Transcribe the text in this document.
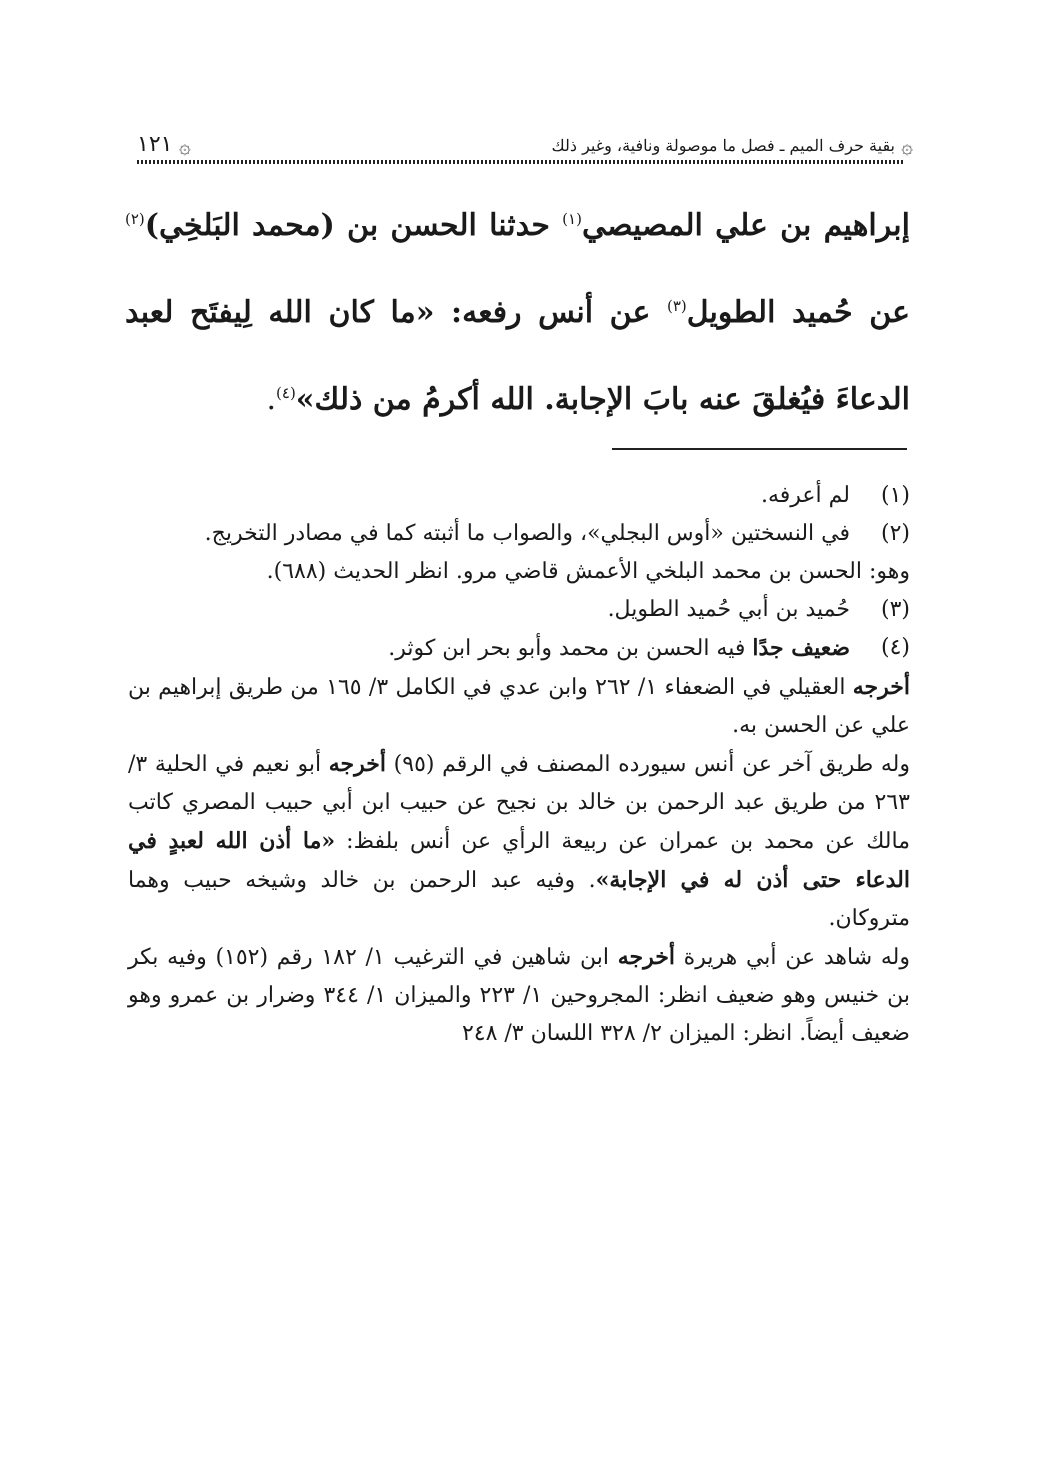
١٢١ ۞	بقية حرف الميم ـ فصل ما موصولة ونافية، وغير ذلك ۞
إبراهيم بن علي المصيصي$^{(١)}$ حدثنا الحسن بن (محمد البَلخِي)$^{(٢)}$ عن حُميد الطويل$^{(٣)}$ عن أنس رفعه: «ما كان الله لِيفتَح لعبد الدعاءَ فيُغلقَ عنه بابَ الإجابة. الله أكرمُ من ذلك»$^{(٤)}$.
(١)
لم أعرفه.
(٢)
في النسختين «أوس البجلي»، والصواب ما أثبته كما في مصادر التخريج.
وهو: الحسن بن محمد البلخي الأعمش قاضي مرو. انظر الحديث (٦٨٨).
(٣)
حُميد بن أبي حُميد الطويل.
(٤)
ضعيف جدًا فيه الحسن بن محمد وأبو بحر ابن كوثر.
أخرجه العقيلي في الضعفاء ١/ ٢٦٢ وابن عدي في الكامل ٣/ ١٦٥ من طريق إبراهيم بن علي عن الحسن به.
وله طريق آخر عن أنس سيورده المصنف في الرقم (٩٥) أخرجه أبو نعيم في الحلية ٣/ ٢٦٣ من طريق عبد الرحمن بن خالد بن نجيح عن حبيب ابن أبي حبيب المصري كاتب مالك عن محمد بن عمران عن ربيعة الرأي عن أنس بلفظ: «ما أذن الله لعبدٍ في الدعاء حتى أذن له في الإجابة». وفيه عبد الرحمن بن خالد وشيخه حبيب وهما متروكان.
وله شاهد عن أبي هريرة أخرجه ابن شاهين في الترغيب ١/ ١٨٢ رقم (١٥٢) وفيه بكر بن خنيس وهو ضعيف انظر: المجروحين ١/ ٢٢٣ والميزان ١/ ٣٤٤ وضرار بن عمرو وهو ضعيف أيضاً. انظر: الميزان ٢/ ٣٢٨ اللسان ٣/ ٢٤٨
